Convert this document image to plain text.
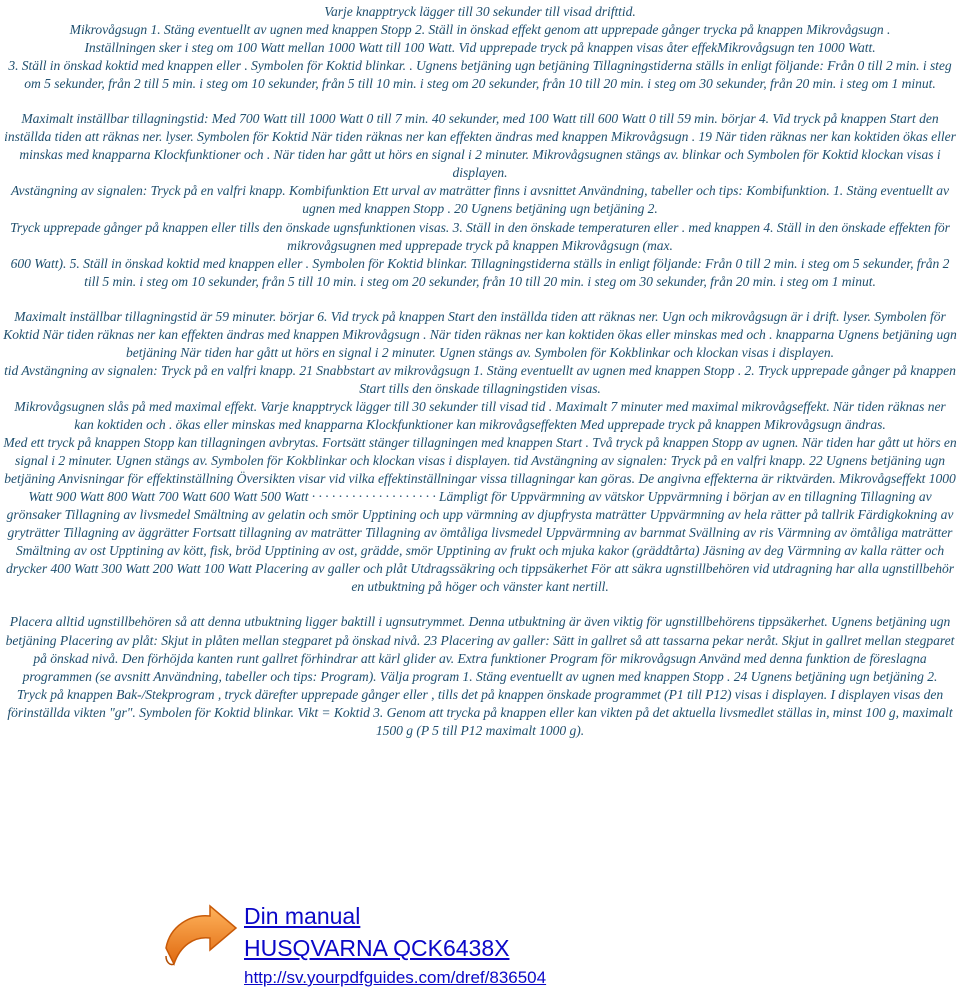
Varje knapptryck lägger till 30 sekunder till visad drifttid.

Mikrovågsugn 1. Stäng eventuellt av ugnen med knappen Stopp 2. Ställ in önskad effekt genom att upprepade gånger trycka på knappen Mikrovågsugn .

Inställningen sker i steg om 100 Watt mellan 1000 Watt till 100 Watt. Vid upprepade tryck på knappen visas åter effekMikrovågsugn ten 1000 Watt.

3. Ställ in önskad koktid med knappen eller . Symbolen för Koktid blinkar. . Ugnens betjäning ugn betjäning Tillagningstiderna ställs in enligt följande: Från 0 till 2 min. i steg om 5 sekunder, från 2 till 5 min. i steg om 10 sekunder, från 5 till 10 min. i steg om 20 sekunder, från 10 till 20 min. i steg om 30 sekunder, från 20 min. i steg om 1 minut.

Maximalt inställbar tillagningstid: Med 700 Watt till 1000 Watt 0 till 7 min. 40 sekunder, med 100 Watt till 600 Watt 0 till 59 min. börjar 4. Vid tryck på knappen Start den inställda tiden att räknas ner. lyser. Symbolen för Koktid När tiden räknas ner kan effekten ändras med knappen Mikrovågsugn . 19 När tiden räknas ner kan koktiden ökas eller minskas med knapparna Klockfunktioner och . När tiden har gått ut hörs en signal i 2 minuter. Mikrovågsugnen stängs av. blinkar och Symbolen för Koktid klockan visas i displayen.

Avstängning av signalen: Tryck på en valfri knapp. Kombifunktion Ett urval av maträtter finns i avsnittet Användning, tabeller och tips: Kombifunktion. 1. Stäng eventuellt av ugnen med knappen Stopp . 20 Ugnens betjäning ugn betjäning 2.

Tryck upprepade gånger på knappen eller tills den önskade ugnsfunktionen visas. 3. Ställ in den önskade temperaturen eller . med knappen 4. Ställ in den önskade effekten för mikrovågsugnen med upprepade tryck på knappen Mikrovågsugn (max.

600 Watt). 5. Ställ in önskad koktid med knappen eller . Symbolen för Koktid blinkar. Tillagningstiderna ställs in enligt följande: Från 0 till 2 min. i steg om 5 sekunder, från 2 till 5 min. i steg om 10 sekunder, från 5 till 10 min. i steg om 20 sekunder, från 10 till 20 min. i steg om 30 sekunder, från 20 min. i steg om 1 minut.

Maximalt inställbar tillagningstid är 59 minuter. börjar 6. Vid tryck på knappen Start den inställda tiden att räknas ner. Ugn och mikrovågsugn är i drift. lyser. Symbolen för Koktid När tiden räknas ner kan effekten ändras med knappen Mikrovågsugn . När tiden räknas ner kan koktiden ökas eller minskas med och . knapparna Ugnens betjäning ugn betjäning När tiden har gått ut hörs en signal i 2 minuter. Ugnen stängs av. Symbolen för Kokblinkar och klockan visas i displayen.

tid Avstängning av signalen: Tryck på en valfri knapp. 21 Snabbstart av mikrovågsugn 1. Stäng eventuellt av ugnen med knappen Stopp . 2. Tryck upprepade gånger på knappen Start tills den önskade tillagningstiden visas.

Mikrovågsugnen slås på med maximal effekt. Varje knapptryck lägger till 30 sekunder till visad tid . Maximalt 7 minuter med maximal mikrovågseffekt. När tiden räknas ner kan koktiden och . ökas eller minskas med knapparna Klockfunktioner kan mikrovågseffekten Med upprepade tryck på knappen Mikrovågsugn ändras.

Med ett tryck på knappen Stopp kan tillagningen avbrytas. Fortsätt stänger tillagningen med knappen Start . Två tryck på knappen Stopp av ugnen. När tiden har gått ut hörs en signal i 2 minuter. Ugnen stängs av. Symbolen för Kokblinkar och klockan visas i displayen. tid Avstängning av signalen: Tryck på en valfri knapp. 22 Ugnens betjäning ugn betjäning Anvisningar för effektinställning Översikten visar vid vilka effektinställningar vissa tillagningar kan göras. De angivna effekterna är riktvärden. Mikrovågseffekt 1000 Watt 900 Watt 800 Watt 700 Watt 600 Watt 500 Watt · · · · · · · · · · · · · · · · · · · Lämpligt för Uppvärmning av vätskor Uppvärmning i början av en tillagning Tillagning av grönsaker Tillagning av livsmedel Smältning av gelatin och smör Upptining och upp värmning av djupfrysta maträtter Uppvärmning av hela rätter på tallrik Färdigkokning av gryträtter Tillagning av äggrätter Fortsatt tillagning av maträtter Tillagning av ömtåliga livsmedel Uppvärmning av barnmat Svällning av ris Värmning av ömtåliga maträtter Smältning av ost Upptining av kött, fisk, bröd Upptining av ost, grädde, smör Upptining av frukt och mjuka kakor (gräddtårta) Jäsning av deg Värmning av kalla rätter och drycker 400 Watt 300 Watt 200 Watt 100 Watt Placering av galler och plåt Utdragssäkring och tippsäkerhet För att säkra ugnstillbehören vid utdragning har alla ugnstillbehör en utbuktning på höger och vänster kant nertill.

Placera alltid ugnstillbehören så att denna utbuktning ligger baktill i ugnsutrymmet. Denna utbuktning är även viktig för ugnstillbehörens tippsäkerhet. Ugnens betjäning ugn betjäning Placering av plåt: Skjut in plåten mellan stegparet på önskad nivå. 23 Placering av galler: Sätt in gallret så att tassarna pekar neråt. Skjut in gallret mellan stegparet på önskad nivå. Den förhöjda kanten runt gallret förhindrar att kärl glider av. Extra funktioner Program för mikrovågsugn Använd med denna funktion de föreslagna programmen (se avsnitt Användning, tabeller och tips: Program). Välja program 1. Stäng eventuellt av ugnen med knappen Stopp . 24 Ugnens betjäning ugn betjäning 2.

Tryck på knappen Bak-/Stekprogram , tryck därefter upprepade gånger eller , tills det på knappen önskade programmet (P1 till P12) visas i displayen. I displayen visas den förinställda vikten "gr". Symbolen för Koktid blinkar. Vikt = Koktid 3. Genom att trycka på knappen eller kan vikten på det aktuella livsmedlet ställas in, minst 100 g, maximalt 1500 g (P 5 till P12 maximalt 1000 g).

Din manual
HUSQVARNA QCK6438X
http://sv.yourpdfguides.com/dref/836504
